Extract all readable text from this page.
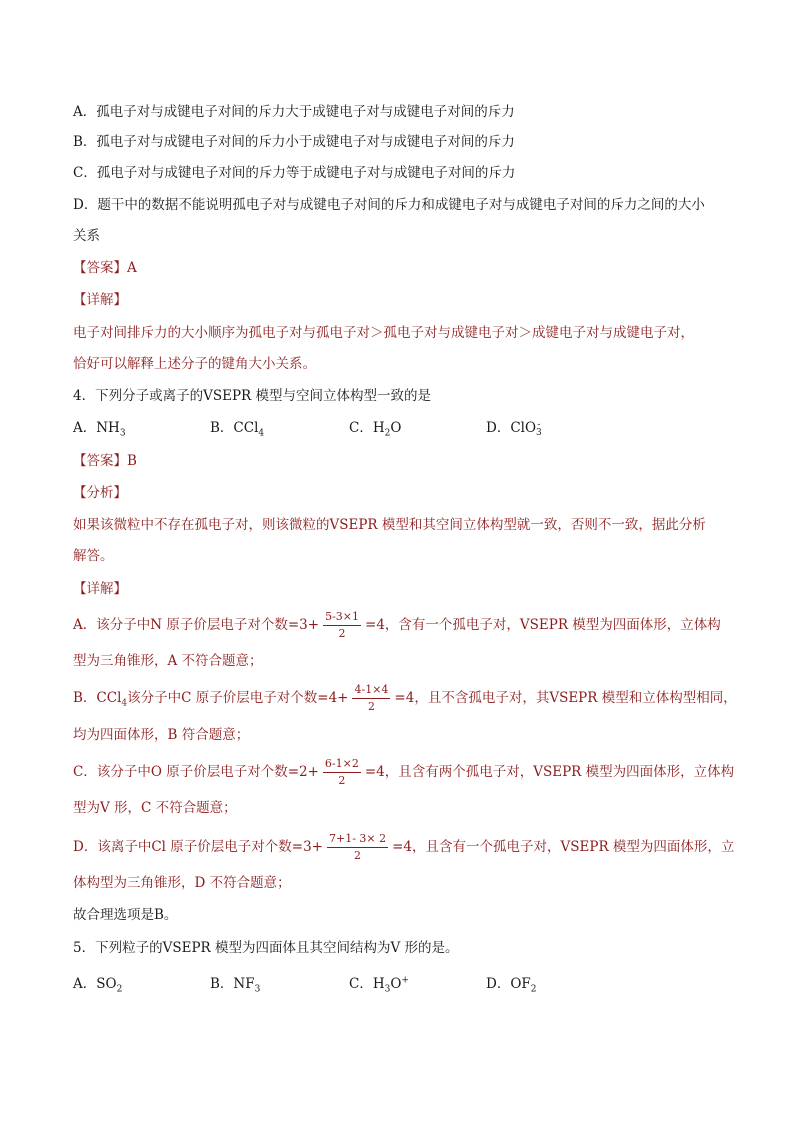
A．孤电子对与成键电子对间的斥力大于成键电子对与成键电子对间的斥力
B．孤电子对与成键电子对间的斥力小于成键电子对与成键电子对间的斥力
C．孤电子对与成键电子对间的斥力等于成键电子对与成键电子对间的斥力
D．题干中的数据不能说明孤电子对与成键电子对间的斥力和成键电子对与成键电子对间的斥力之间的大小
关系
【答案】A
【详解】
电子对间排斥力的大小顺序为孤电子对与孤电子对＞孤电子对与成键电子对＞成键电子对与成键电子对，
恰好可以解释上述分子的键角大小关系。
4．下列分子或离子的VSEPR 模型与空间立体构型一致的是
A．$NH_3$	B．CCl$_4$	C．$H_2O$	D．ClO -
3
【答案】B
【分析】
如果该微粒中不存在孤电子对，则该微粒的VSEPR 模型和其空间立体构型就一致，否则不一致，据此分析
解答。
【详解】
A．该分子中N 原子价层电子对个数$=3+ \frac{5-3\times 1}{2} =4$，含有一个孤电子对，VSEPR 模型为四面体形，立体构
型为三角锥形，A 不符合题意；
B．CCl$_4$该分子中C 原子价层电子对个数$=4+ \frac{4-1\times 4}{2} =4$，且不含孤电子对，其VSEPR 模型和立体构型相同，
均为四面体形，B 符合题意；
C．该分子中O 原子价层电子对个数$=2+ \frac{6-1\times 2}{2} =4$，且含有两个孤电子对，VSEPR 模型为四面体形，立体构
型为V 形，C 不符合题意；
D．该离子中Cl 原子价层电子对个数$=3+ \frac{7+1- 3\times 2}{2} =4$，且含有一个孤电子对，VSEPR 模型为四面体形，立
体构型为三角锥形，D 不符合题意；
故合理选项是B。
5．下列粒子的VSEPR 模型为四面体且其空间结构为V 形的是。
A．$SO_2$	B．$NF_3$	C．$H_3O^+$	D．$OF_2$
